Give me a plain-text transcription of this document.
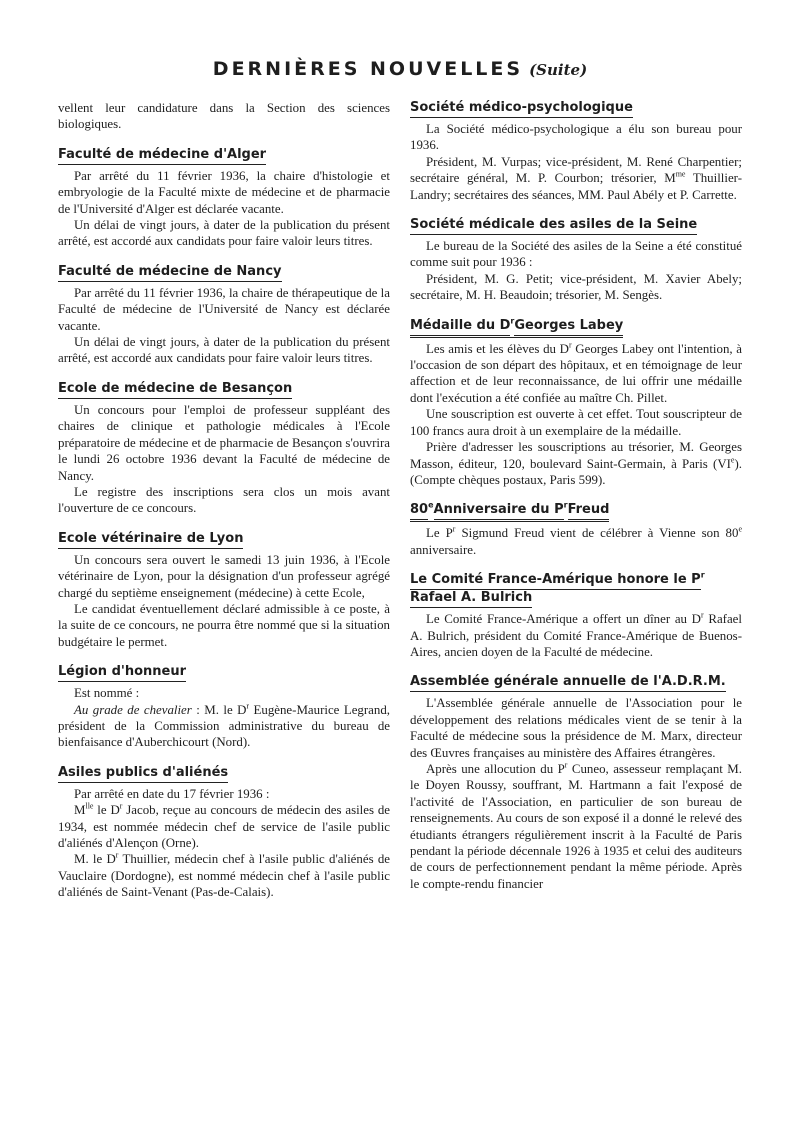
DERNIÈRES NOUVELLES (Suite)

vellent leur candidature dans la Section des sciences biologiques.

Faculté de médecine d'Alger

Par arrêté du 11 février 1936, la chaire d'histologie et embryologie de la Faculté mixte de médecine et de pharmacie de l'Université d'Alger est déclarée vacante.

Un délai de vingt jours, à dater de la publication du présent arrêté, est accordé aux candidats pour faire valoir leurs titres.

Faculté de médecine de Nancy

Par arrêté du 11 février 1936, la chaire de thérapeutique de la Faculté de médecine de l'Université de Nancy est déclarée vacante.

Un délai de vingt jours, à dater de la publication du présent arrêté, est accordé aux candidats pour faire valoir leurs titres.

Ecole de médecine de Besançon

Un concours pour l'emploi de professeur suppléant des chaires de clinique et pathologie médicales à l'Ecole préparatoire de médecine et de pharmacie de Besançon s'ouvrira le lundi 26 octobre 1936 devant la Faculté de médecine de Nancy.

Le registre des inscriptions sera clos un mois avant l'ouverture de ce concours.

Ecole vétérinaire de Lyon

Un concours sera ouvert le samedi 13 juin 1936, à l'Ecole vétérinaire de Lyon, pour la désignation d'un professeur agrégé chargé du septième enseignement (médecine) à cette Ecole,

Le candidat éventuellement déclaré admissible à ce poste, à la suite de ce concours, ne pourra être nommé que si la situation budgétaire le permet.

Légion d'honneur

Est nommé :

Au grade de chevalier : M. le $D^r$ Eugène-Maurice Legrand, président de la Commission administrative du bureau de bienfaisance d'Auberchicourt (Nord).

Asiles publics d'aliénés

Par arrêté en date du 17 février 1936 :

$M^{lle}$ le $D^r$ Jacob, reçue au concours de médecin des asiles de 1934, est nommée médecin chef de service de l'asile public d'aliénés d'Alençon (Orne).

M. le $D^r$ Thuillier, médecin chef à l'asile public d'aliénés de Vauclaire (Dordogne), est nommé médecin chef à l'asile public d'aliénés de Saint-Venant (Pas-de-Calais).

Société médico-psychologique

La Société médico-psychologique a élu son bureau pour 1936.

Président, M. Vurpas; vice-président, M. René Charpentier; secrétaire général, M. P. Courbon; trésorier, $M^{me}$ Thuillier-Landry; secrétaires des séances, MM. Paul Abély et P. Carrette.

Société médicale des asiles de la Seine

Le bureau de la Société des asiles de la Seine a été constitué comme suit pour 1936 :

Président, M. G. Petit; vice-président, M. Xavier Abely; secrétaire, M. H. Beaudoin; trésorier, M. Sengès.

Médaille du $D^rGeorges$ Labey

Les amis et les élèves du $D^r$ Georges Labey ont l'intention, à l'occasion de son départ des hôpitaux, et en témoignage de leur affection et de leur reconnaissance, de lui offrir une médaille dont l'exécution a été confiée au maître Ch. Pillet.

Une souscription est ouverte à cet effet. Tout souscripteur de 100 francs aura droit à un exemplaire de la médaille.

Prière d'adresser les souscriptions au trésorier, M. Georges Masson, éditeur, 120, boulevard Saint-Germain, à Paris (VIe). (Compte chèques postaux, Paris 599).

80eAnniversaire du $P^rFreud$

Le $P^r$ Sigmund Freud vient de célébrer à Vienne son 80e anniversaire.

Le Comité France-Amérique honore le $P^r$
Rafael A. Bulrich

Le Comité France-Amérique a offert un dîner au $D^r$ Rafael A. Bulrich, président du Comité France-Amérique de Buenos-Aires, ancien doyen de la Faculté de médecine.

Assemblée générale annuelle de l'A.D.R.M.

L'Assemblée générale annuelle de l'Association pour le développement des relations médicales vient de se tenir à la Faculté de médecine sous la présidence de M. Marx, directeur des Œuvres françaises au ministère des Affaires étrangères.

Après une allocution du $P^r$ Cuneo, assesseur remplaçant M. le Doyen Roussy, souffrant, M. Hartmann a fait l'exposé de l'activité de l'Association, en particulier de son bureau de renseignements. Au cours de son exposé il a donné le relevé des étudiants étrangers régulièrement inscrit à la Faculté de Paris pendant la période décennale 1926 à 1935 et celui des auditeurs de cours de perfectionnement pendant la même période. Après le compte-rendu financier
